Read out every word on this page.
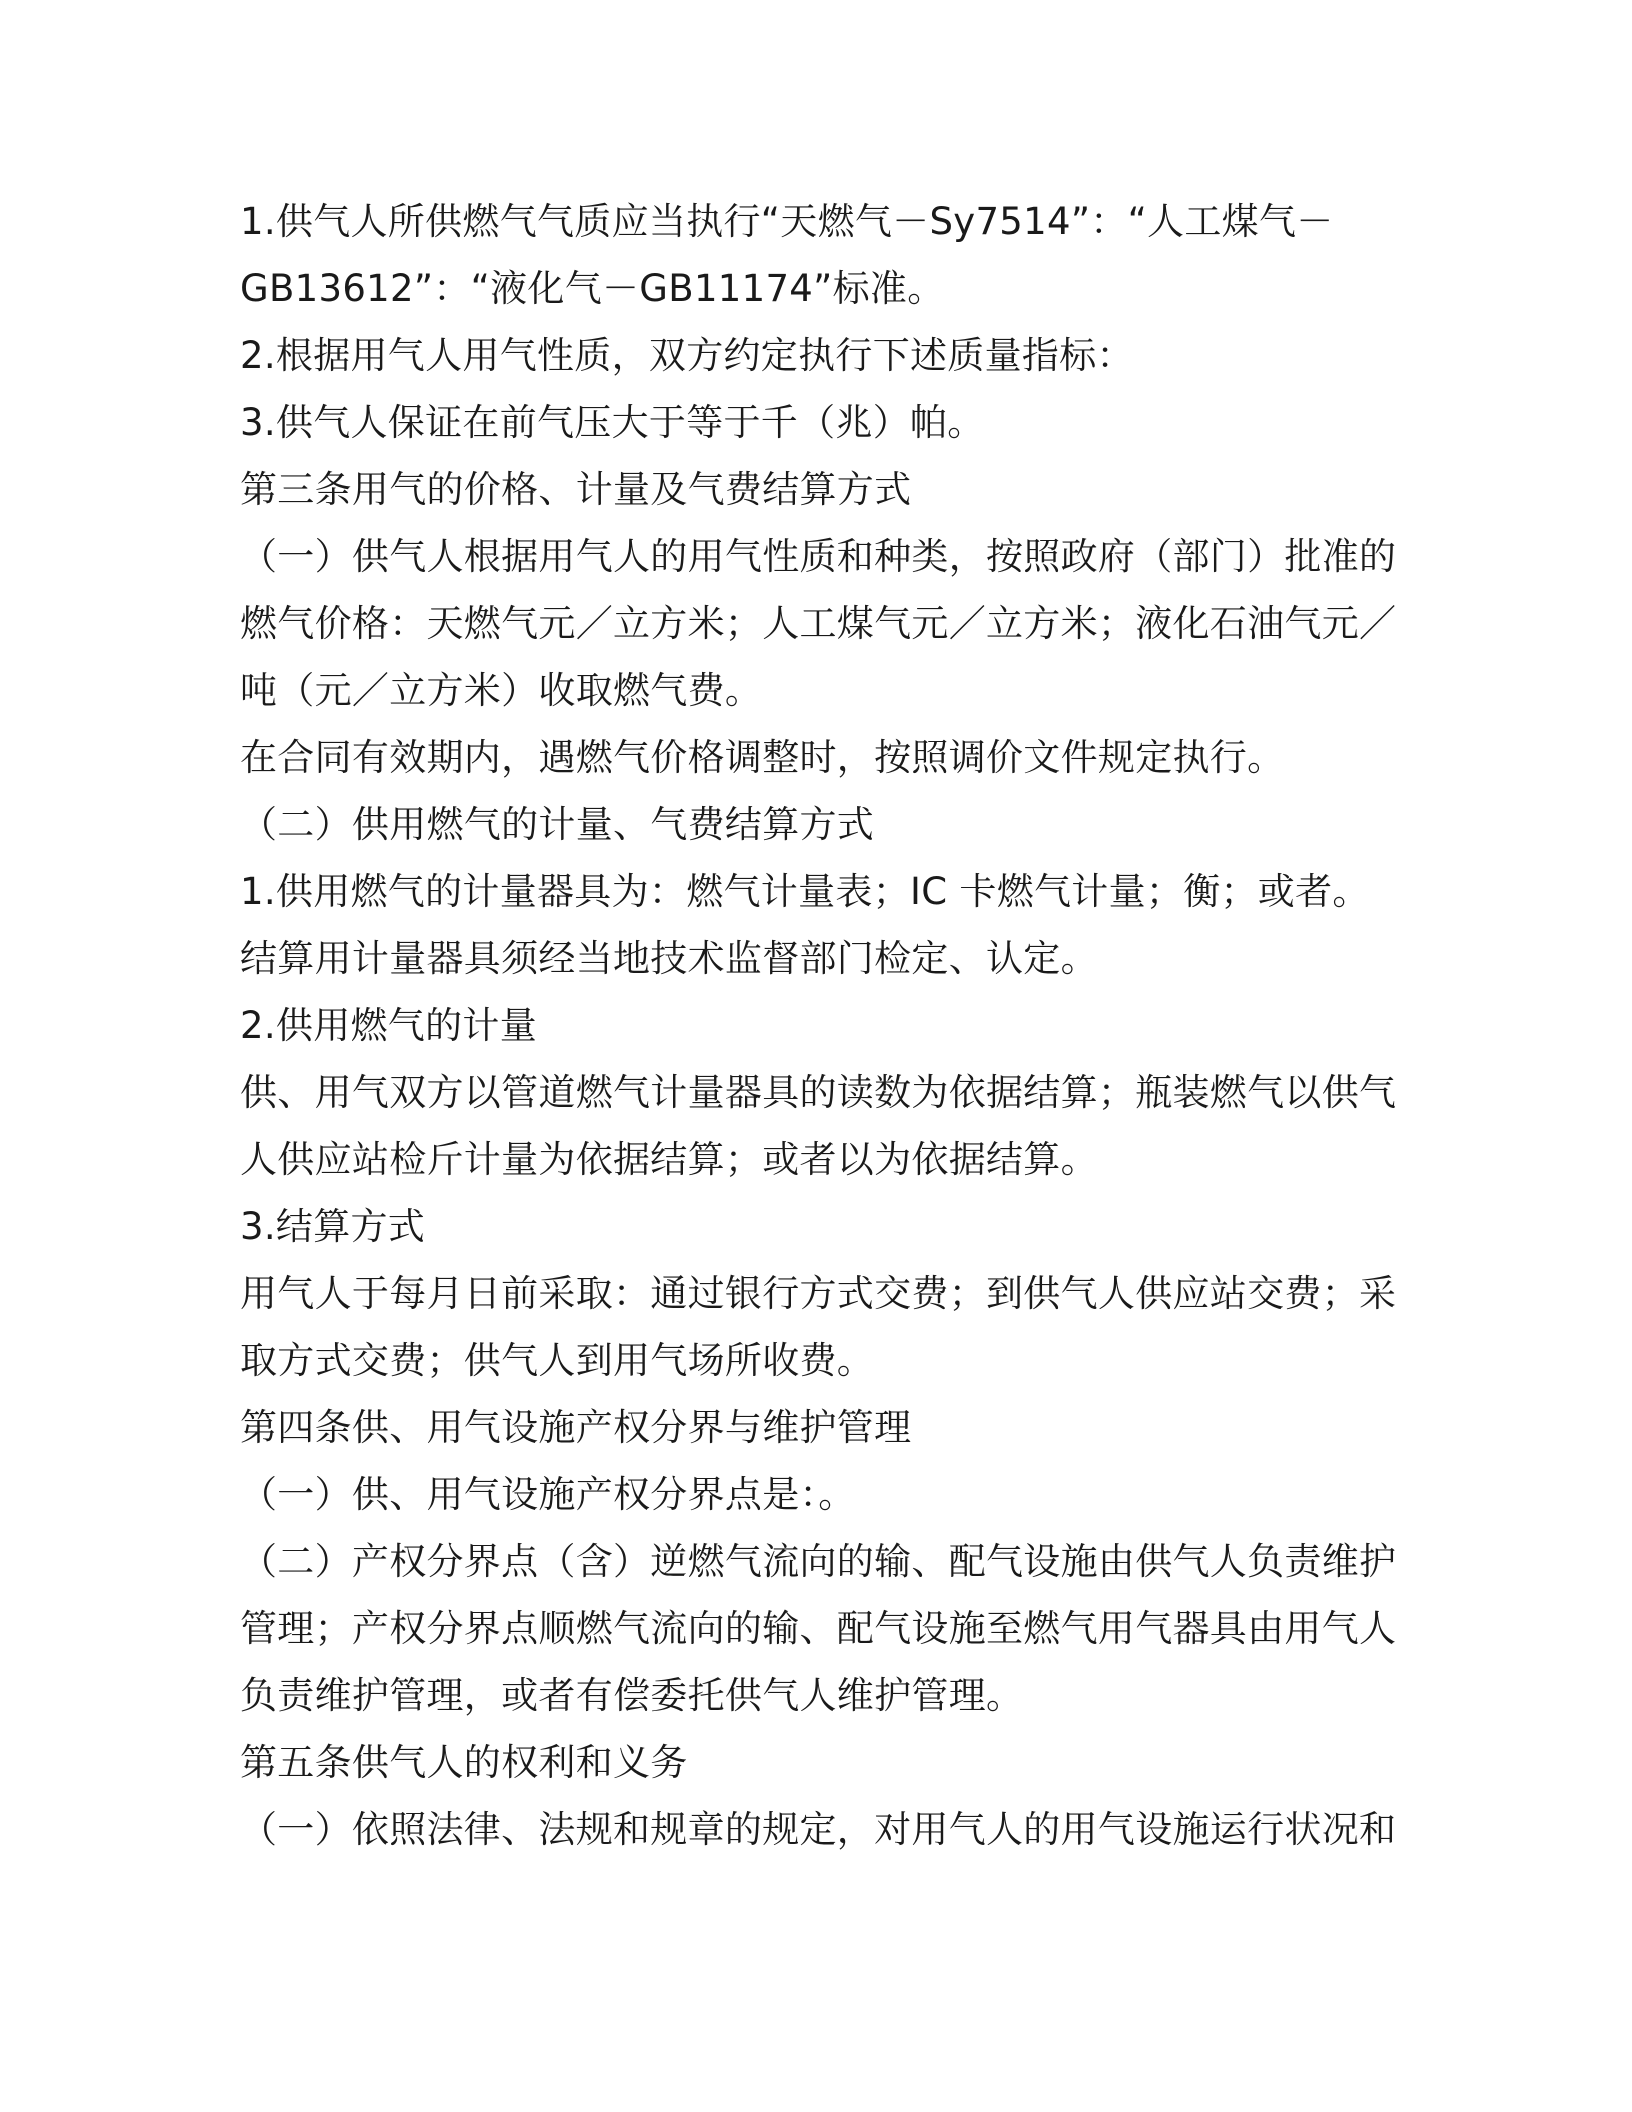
1.供气人所供燃气气质应当执行“天燃气－Sy7514”：“人工煤气－
GB13612”：“液化气－GB11174”标准。
2.根据用气人用气性质，双方约定执行下述质量指标：
3.供气人保证在前气压大于等于千（兆）帕。
第三条用气的价格、计量及气费结算方式
（一）供气人根据用气人的用气性质和种类，按照政府（部门）批准的
燃气价格：天燃气元／立方米；人工煤气元／立方米；液化石油气元／
吨（元／立方米）收取燃气费。
在合同有效期内，遇燃气价格调整时，按照调价文件规定执行。
（二）供用燃气的计量、气费结算方式
1.供用燃气的计量器具为：燃气计量表；IC 卡燃气计量；衡；或者。
结算用计量器具须经当地技术监督部门检定、认定。
2.供用燃气的计量
供、用气双方以管道燃气计量器具的读数为依据结算；瓶装燃气以供气
人供应站检斤计量为依据结算；或者以为依据结算。
3.结算方式
用气人于每月日前采取：通过银行方式交费；到供气人供应站交费；采
取方式交费；供气人到用气场所收费。
第四条供、用气设施产权分界与维护管理
（一）供、用气设施产权分界点是：。
（二）产权分界点（含）逆燃气流向的输、配气设施由供气人负责维护
管理；产权分界点顺燃气流向的输、配气设施至燃气用气器具由用气人
负责维护管理，或者有偿委托供气人维护管理。
第五条供气人的权利和义务
（一）依照法律、法规和规章的规定，对用气人的用气设施运行状况和
